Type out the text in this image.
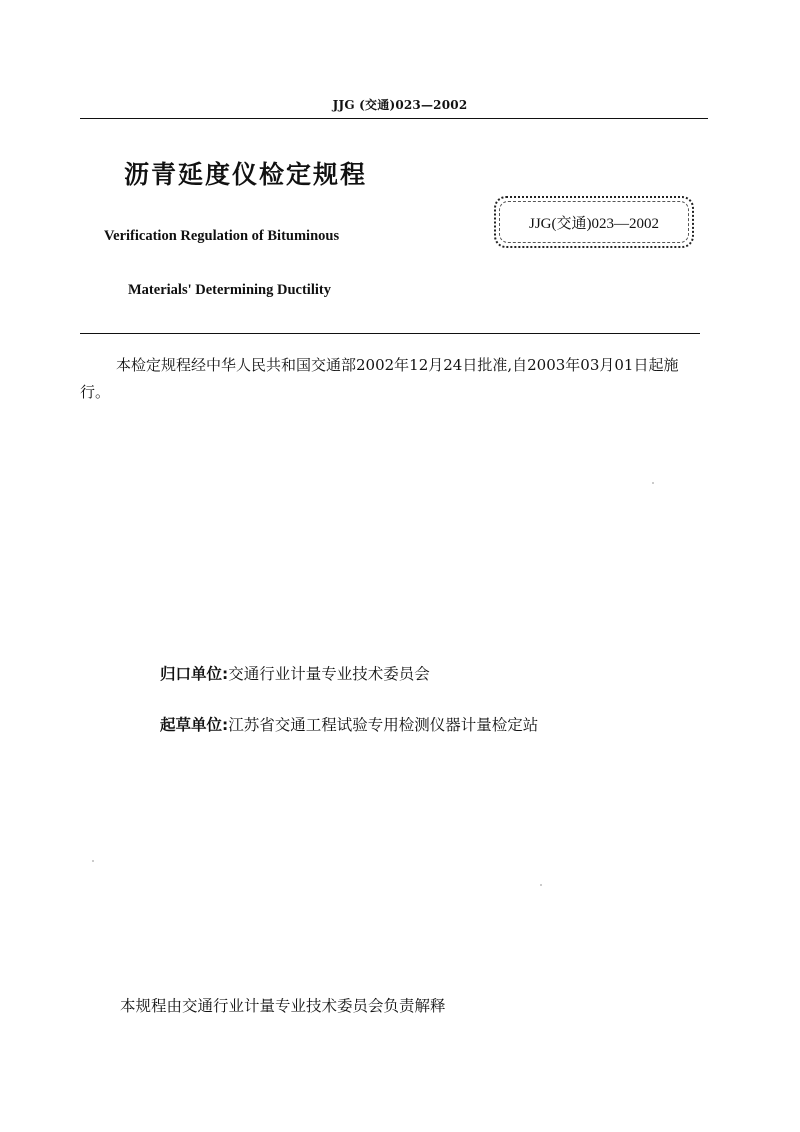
JJG (交通)023—2002
沥青延度仪检定规程
JJG(交通)023—2002
Verification Regulation of Bituminous
Materials' Determining Ductility
本检定规程经中华人民共和国交通部2002年12月24日批准,自2003年03月01日起施行。
归口单位:交通行业计量专业技术委员会
起草单位:江苏省交通工程试验专用检测仪器计量检定站
本规程由交通行业计量专业技术委员会负责解释
